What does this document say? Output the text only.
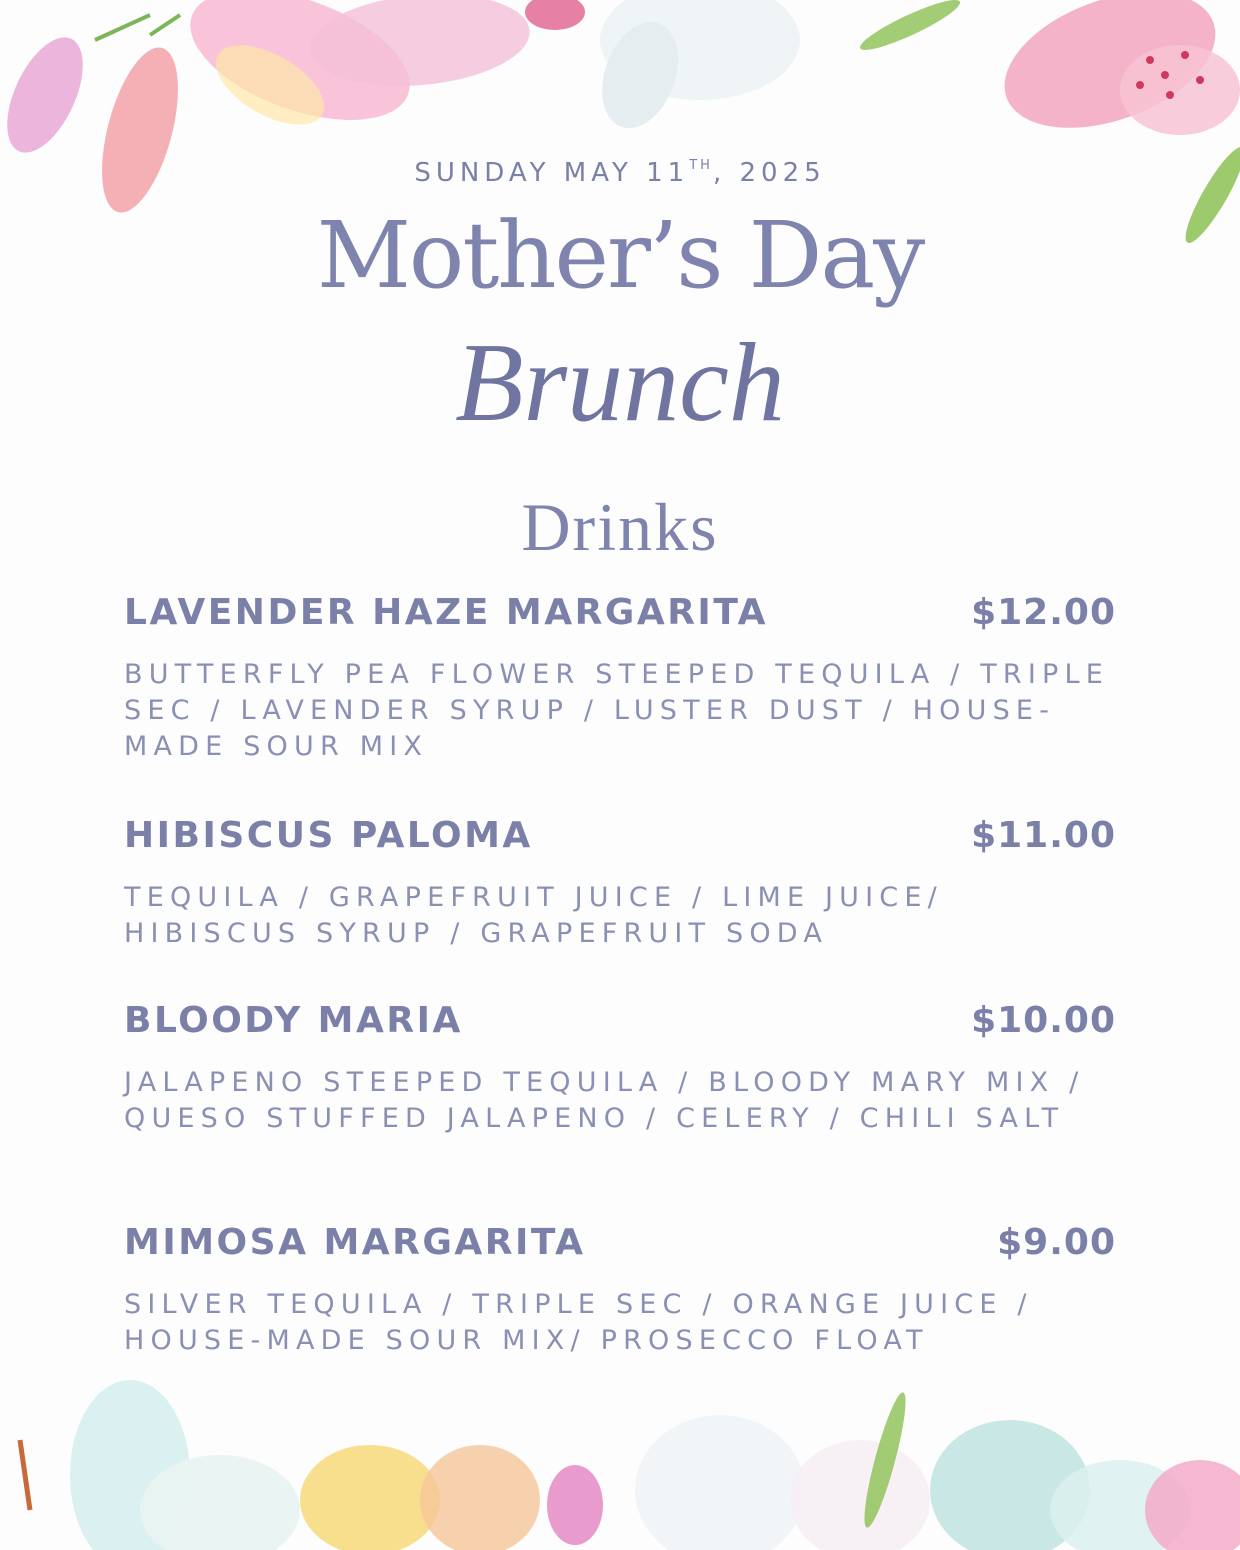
SUNDAY MAY 11TH, 2025
Mother’s Day
Brunch
Drinks
LAVENDER HAZE MARGARITA	$12.00
BUTTERFLY PEA FLOWER STEEPED TEQUILA / TRIPLE SEC / LAVENDER SYRUP / LUSTER DUST / HOUSE-MADE SOUR MIX
HIBISCUS PALOMA	$11.00
TEQUILA / GRAPEFRUIT JUICE / LIME JUICE/ HIBISCUS SYRUP / GRAPEFRUIT SODA
BLOODY MARIA	$10.00
JALAPENO STEEPED TEQUILA / BLOODY MARY MIX / QUESO STUFFED JALAPENO / CELERY / CHILI SALT
MIMOSA MARGARITA	$9.00
SILVER TEQUILA / TRIPLE SEC / ORANGE JUICE / HOUSE-MADE SOUR MIX/ PROSECCO FLOAT
